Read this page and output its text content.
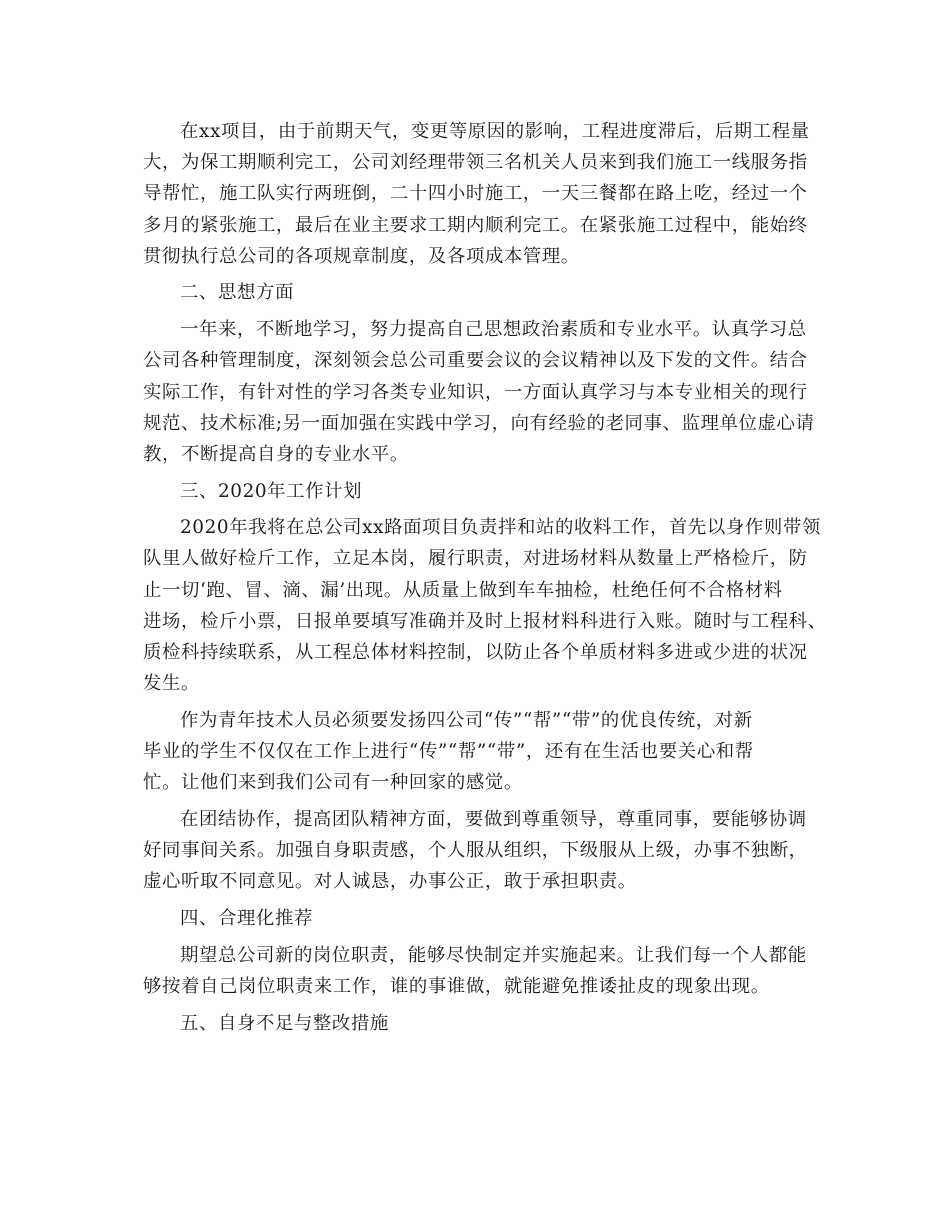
在xx项目，由于前期天气，变更等原因的影响，工程进度滞后，后期工程量
大，为保工期顺利完工，公司刘经理带领三名机关人员来到我们施工一线服务指
导帮忙，施工队实行两班倒，二十四小时施工，一天三餐都在路上吃，经过一个
多月的紧张施工，最后在业主要求工期内顺利完工。在紧张施工过程中，能始终
贯彻执行总公司的各项规章制度，及各项成本管理。
二、思想方面
一年来，不断地学习，努力提高自己思想政治素质和专业水平。认真学习总
公司各种管理制度，深刻领会总公司重要会议的会议精神以及下发的文件。结合
实际工作，有针对性的学习各类专业知识，一方面认真学习与本专业相关的现行
规范、技术标准;另一面加强在实践中学习，向有经验的老同事、监理单位虚心请
教，不断提高自身的专业水平。
三、2020年工作计划
2020年我将在总公司xx路面项目负责拌和站的收料工作，首先以身作则带领
队里人做好检斤工作，立足本岗，履行职责，对进场材料从数量上严格检斤，防
止一切‘跑、冒、滴、漏’出现。从质量上做到车车抽检，杜绝任何不合格材料
进场，检斤小票，日报单要填写准确并及时上报材料科进行入账。随时与工程科、
质检科持续联系，从工程总体材料控制，以防止各个单质材料多进或少进的状况
发生。
作为青年技术人员必须要发扬四公司“传”“帮”“带”的优良传统，对新
毕业的学生不仅仅在工作上进行“传”“帮”“带”，还有在生活也要关心和帮
忙。让他们来到我们公司有一种回家的感觉。
在团结协作，提高团队精神方面，要做到尊重领导，尊重同事，要能够协调
好同事间关系。加强自身职责感，个人服从组织，下级服从上级，办事不独断，
虚心听取不同意见。对人诚恳，办事公正，敢于承担职责。
四、合理化推荐
期望总公司新的岗位职责，能够尽快制定并实施起来。让我们每一个人都能
够按着自己岗位职责来工作，谁的事谁做，就能避免推诿扯皮的现象出现。
五、自身不足与整改措施
